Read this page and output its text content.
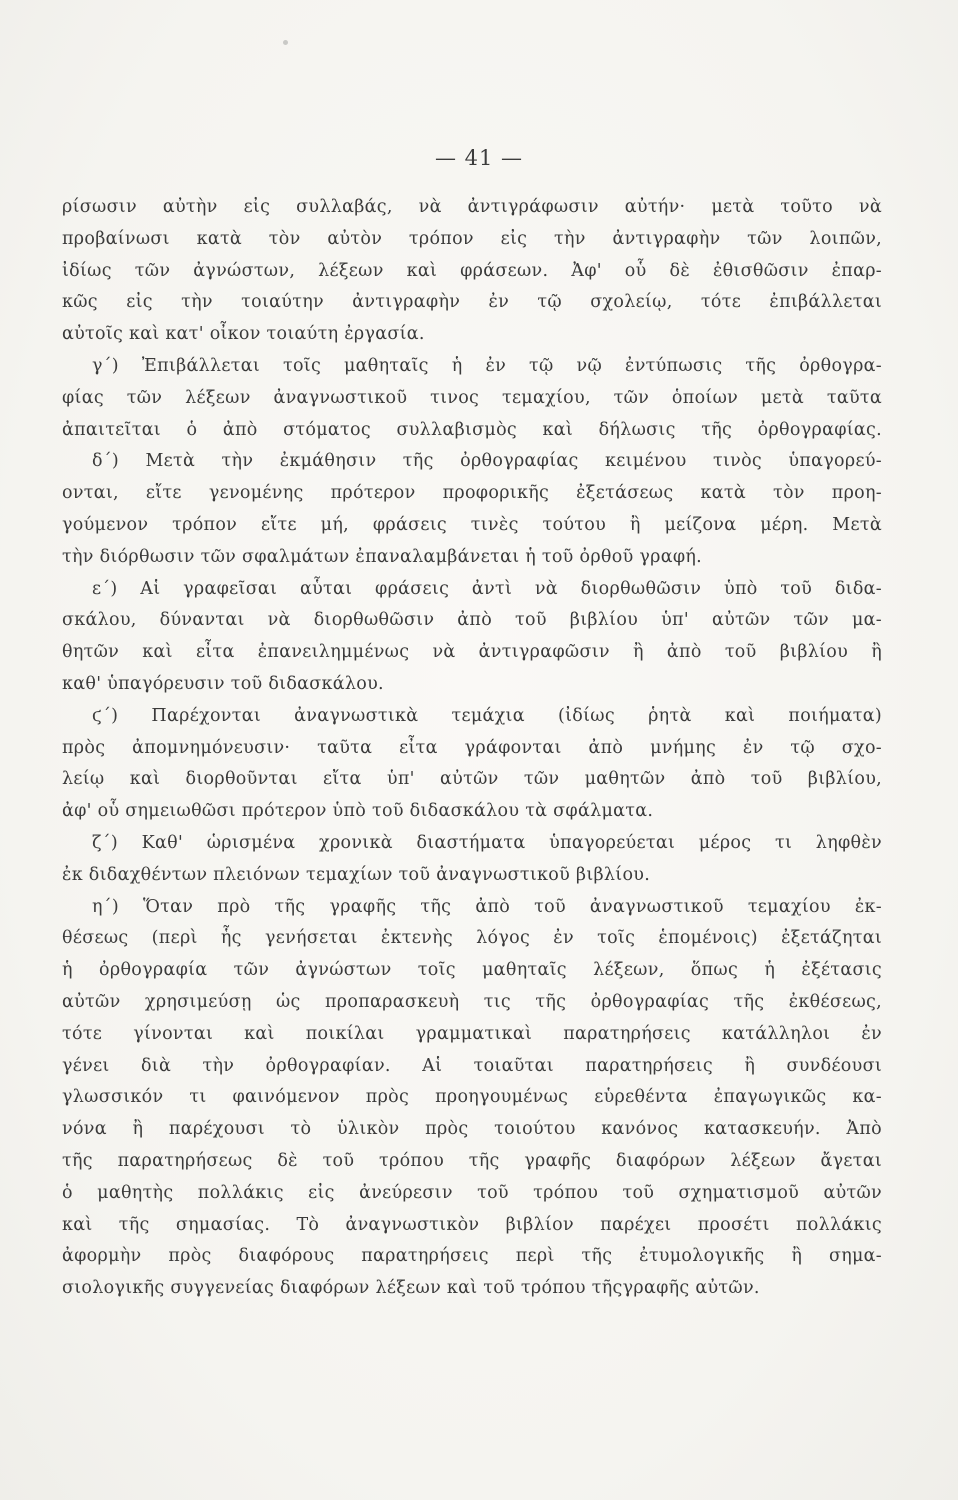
— 41 —
ρίσωσιν αὐτὴν εἰς συλλαβάς, νὰ ἀντιγράφωσιν αὐτήν· μετὰ τοῦτο νὰ
προβαίνωσι κατὰ τὸν αὐτὸν τρόπον εἰς τὴν ἀντιγραφὴν τῶν λοιπῶν,
ἰδίως τῶν ἀγνώστων, λέξεων καὶ φράσεων. Ἀφ' οὗ δὲ ἐθισθῶσιν ἐπαρ-
κῶς εἰς τὴν τοιαύτην ἀντιγραφὴν ἐν τῷ σχολείῳ, τότε ἐπιβάλλεται
αὐτοῖς καὶ κατ' οἶκον τοιαύτη ἐργασία.
γ΄) Ἐπιβάλλεται τοῖς μαθηταῖς ἡ ἐν τῷ νῷ ἐντύπωσις τῆς ὀρθογρα-
φίας τῶν λέξεων ἀναγνωστικοῦ τινος τεμαχίου, τῶν ὁποίων μετὰ ταῦτα
ἀπαιτεῖται ὁ ἀπὸ στόματος συλλαβισμὸς καὶ δήλωσις τῆς ὀρθογραφίας.
δ΄) Μετὰ τὴν ἐκμάθησιν τῆς ὀρθογραφίας κειμένου τινὸς ὑπαγορεύ-
ονται, εἴτε γενομένης πρότερον προφορικῆς ἐξετάσεως κατὰ τὸν προη-
γούμενον τρόπον εἴτε μή, φράσεις τινὲς τούτου ἢ μείζονα μέρη. Μετὰ
τὴν διόρθωσιν τῶν σφαλμάτων ἐπαναλαμβάνεται ἡ τοῦ ὀρθοῦ γραφή.
ε΄) Αἱ γραφεῖσαι αὗται φράσεις ἀντὶ νὰ διορθωθῶσιν ὑπὸ τοῦ διδα-
σκάλου, δύνανται νὰ διορθωθῶσιν ἀπὸ τοῦ βιβλίου ὑπ' αὐτῶν τῶν μα-
θητῶν καὶ εἶτα ἐπανειλημμένως νὰ ἀντιγραφῶσιν ἢ ἀπὸ τοῦ βιβλίου ἢ
καθ' ὑπαγόρευσιν τοῦ διδασκάλου.
ϛ΄) Παρέχονται ἀναγνωστικὰ τεμάχια (ἰδίως ῥητὰ καὶ ποιήματα)
πρὸς ἀπομνημόνευσιν· ταῦτα εἶτα γράφονται ἀπὸ μνήμης ἐν τῷ σχο-
λείῳ καὶ διορθοῦνται εἴτα ὑπ' αὐτῶν τῶν μαθητῶν ἀπὸ τοῦ βιβλίου,
ἀφ' οὗ σημειωθῶσι πρότερον ὑπὸ τοῦ διδασκάλου τὰ σφάλματα.
ζ΄) Καθ' ὡρισμένα χρονικὰ διαστήματα ὑπαγορεύεται μέρος τι ληφθὲν
ἐκ διδαχθέντων πλειόνων τεμαχίων τοῦ ἀναγνωστικοῦ βιβλίου.
η΄) Ὅταν πρὸ τῆς γραφῆς τῆς ἀπὸ τοῦ ἀναγνωστικοῦ τεμαχίου ἐκ-
θέσεως (περὶ ἧς γενήσεται ἐκτενὴς λόγος ἐν τοῖς ἑπομένοις) ἐξετάζηται
ἡ ὀρθογραφία τῶν ἀγνώστων τοῖς μαθηταῖς λέξεων, ὅπως ἡ ἐξέτασις
αὐτῶν χρησιμεύσῃ ὡς προπαρασκευὴ τις τῆς ὀρθογραφίας τῆς ἐκθέσεως,
τότε γίνονται καὶ ποικίλαι γραμματικαὶ παρατηρήσεις κατάλληλοι ἐν
γένει διὰ τὴν ὀρθογραφίαν. Αἱ τοιαῦται παρατηρήσεις ἢ συνδέουσι
γλωσσικόν τι φαινόμενον πρὸς προηγουμένως εὑρεθέντα ἐπαγωγικῶς κα-
νόνα ἢ παρέχουσι τὸ ὑλικὸν πρὸς τοιούτου κανόνος κατασκευήν. Ἀπὸ
τῆς παρατηρήσεως δὲ τοῦ τρόπου τῆς γραφῆς διαφόρων λέξεων ἄγεται
ὁ μαθητὴς πολλάκις εἰς ἀνεύρεσιν τοῦ τρόπου τοῦ σχηματισμοῦ αὐτῶν
καὶ τῆς σημασίας. Τὸ ἀναγνωστικὸν βιβλίον παρέχει προσέτι πολλάκις
ἀφορμὴν πρὸς διαφόρους παρατηρήσεις περὶ τῆς ἐτυμολογικῆς ἢ σημα-
σιολογικῆς συγγενείας διαφόρων λέξεων καὶ τοῦ τρόπου τῆςγραφῆς αὐτῶν.
